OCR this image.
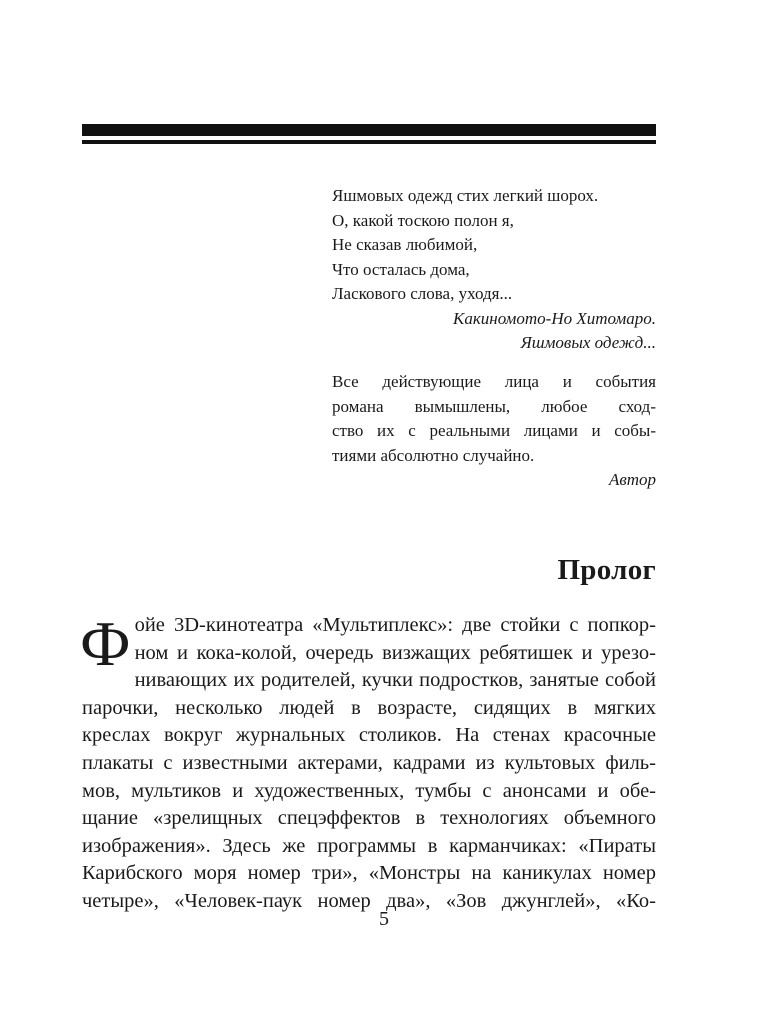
Яшмовых одежд стих легкий шорох.
О, какой тоскою полон я,
Не сказав любимой,
Что осталась дома,
Ласкового слова, уходя...
Какиномото-Но Хитомаро.
Яшмовых одежд...
Все действующие лица и события
романа вымышлены, любое сход-
ство их с реальными лицами и собы-
тиями абсолютно случайно.
Автор
Пролог
Ф ойе 3D-кинотеатра «Мультиплекс»: две стойки с попкор-
ном и кока-колой, очередь визжащих ребятишек и урезо-
нивающих их родителей, кучки подростков, занятые собой
парочки, несколько людей в возрасте, сидящих в мягких
креслах вокруг журнальных столиков. На стенах красочные
плакаты с известными актерами, кадрами из культовых филь-
мов, мультиков и художественных, тумбы с анонсами и обе-
щание «зрелищных спецэффектов в технологиях объемного
изображения». Здесь же программы в карманчиках: «Пираты
Карибского моря номер три», «Монстры на каникулах номер
четыре», «Человек-паук номер два», «Зов джунглей», «Ко-
5
